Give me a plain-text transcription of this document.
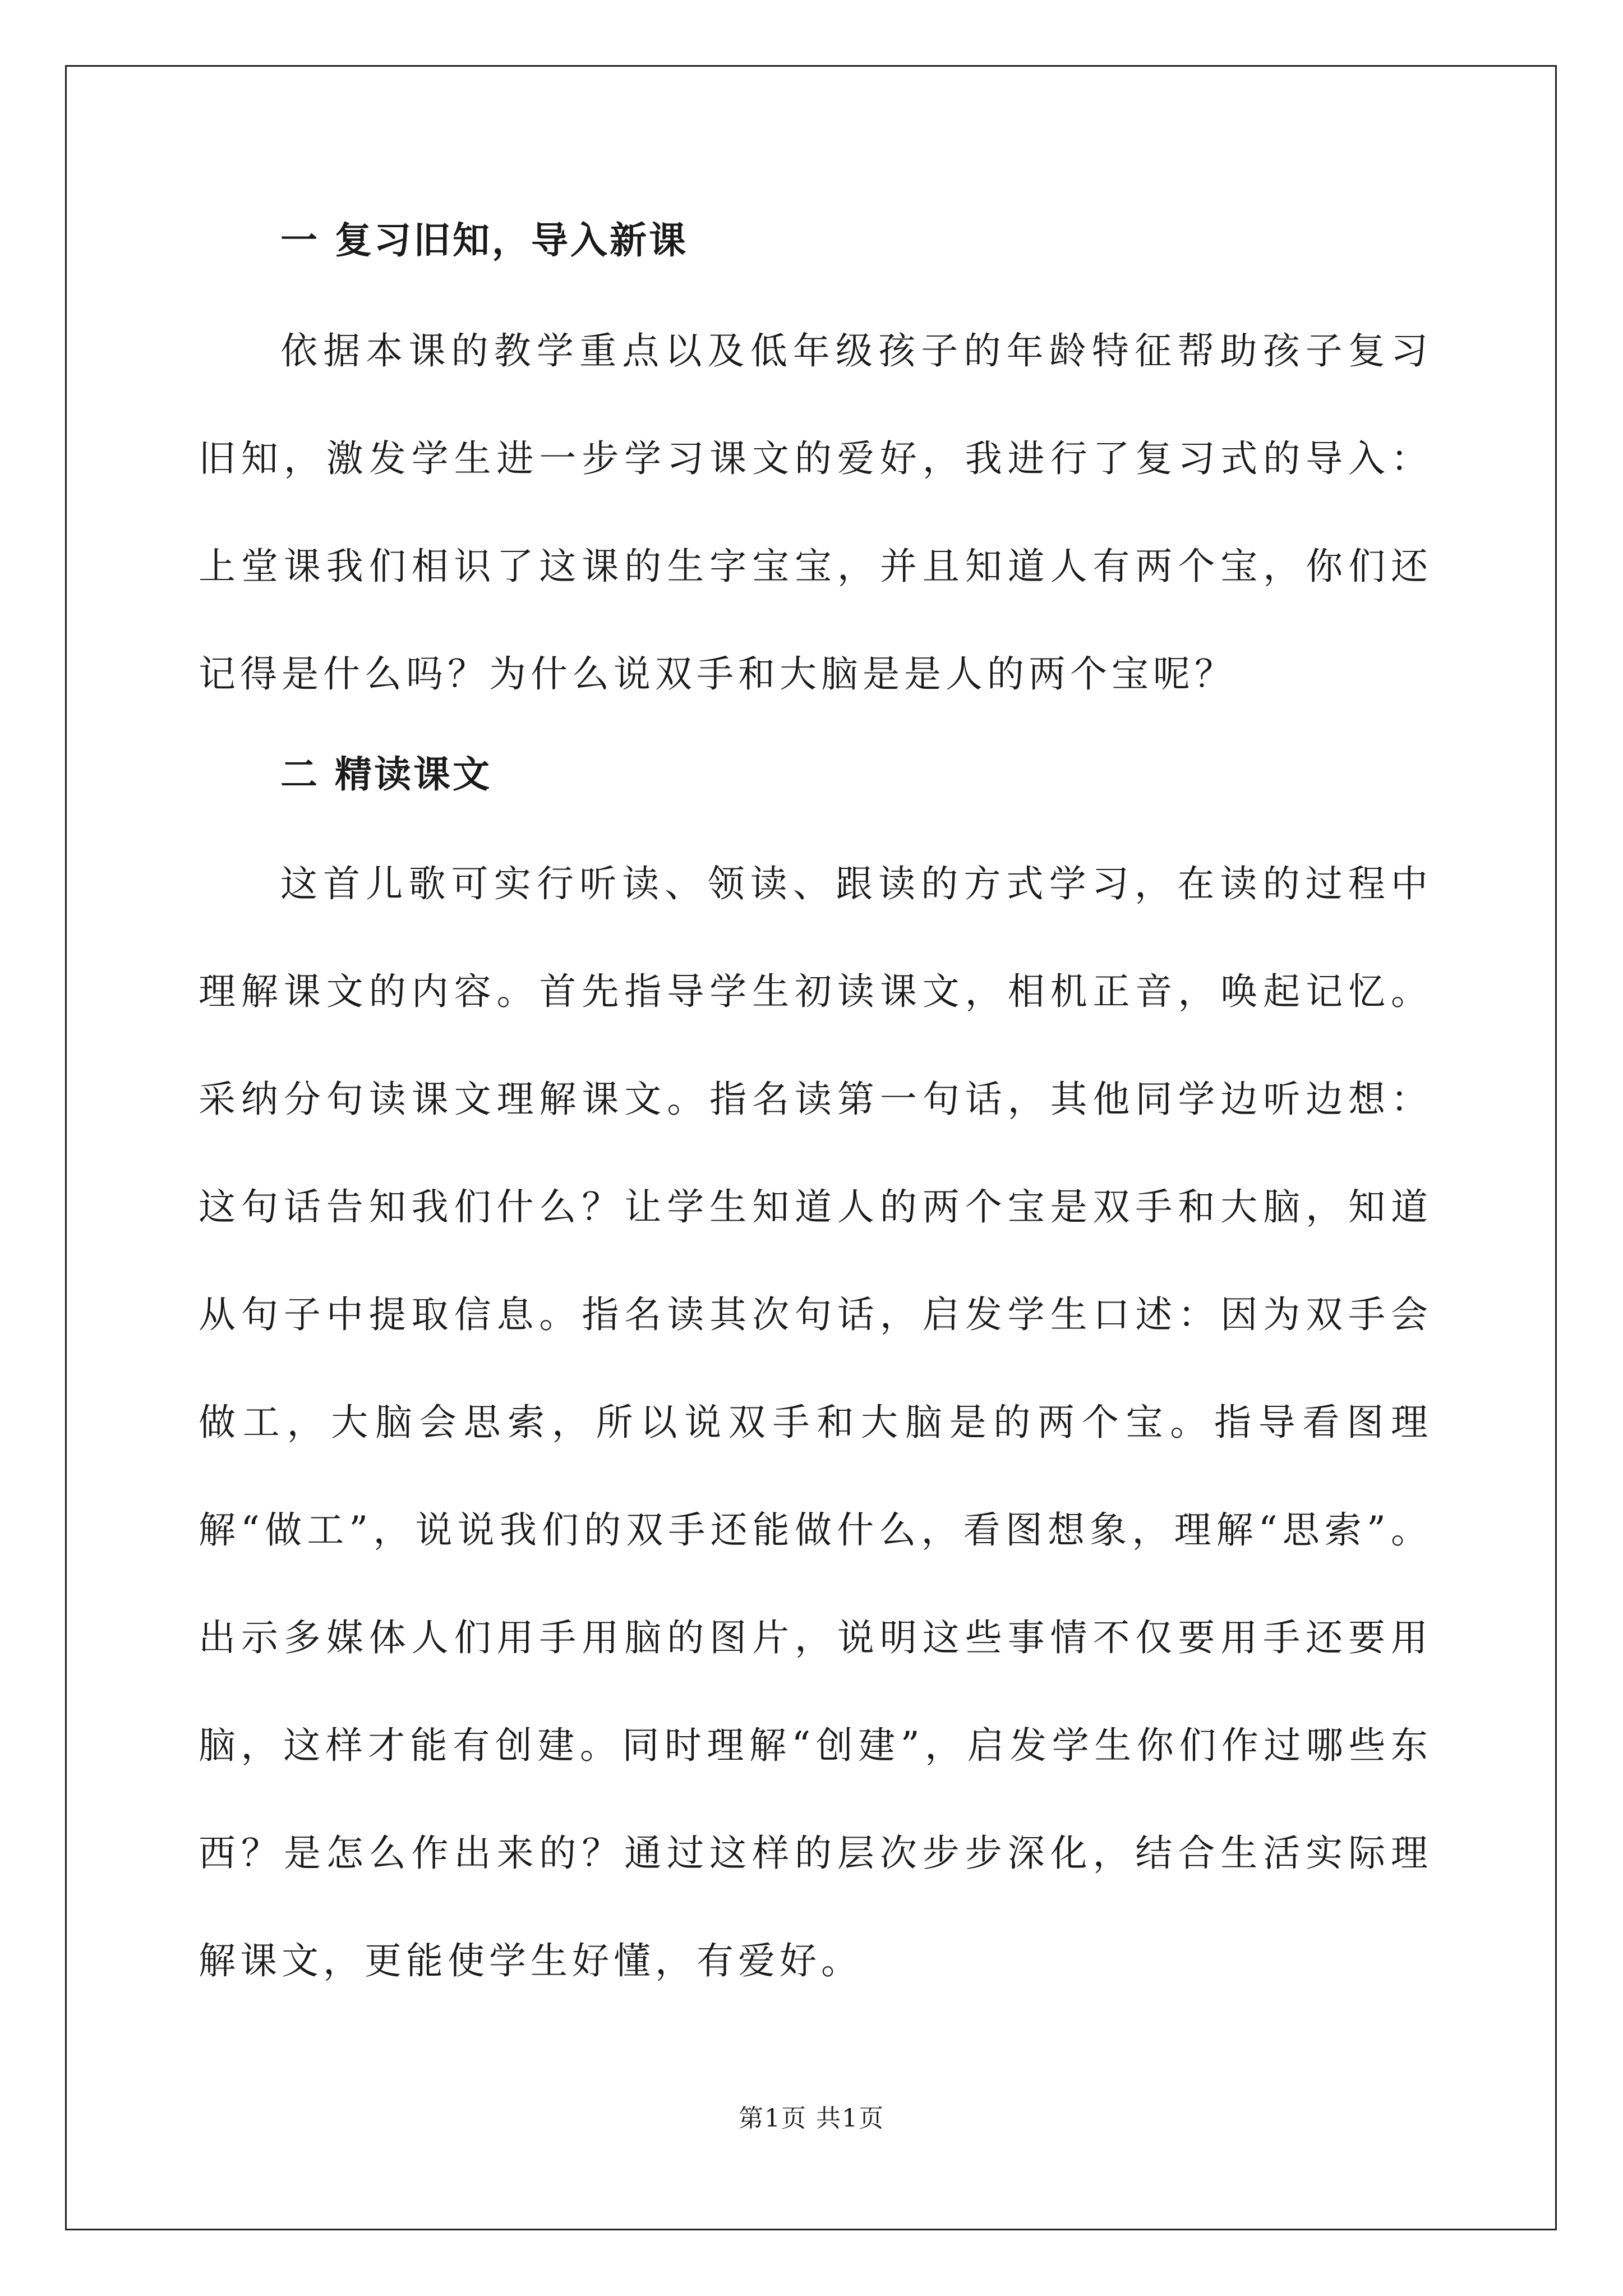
一 复习旧知，导入新课

依据本课的教学重点以及低年级孩子的年龄特征帮助孩子复习旧知，激发学生进一步学习课文的爱好，我进行了复习式的导入：上堂课我们相识了这课的生字宝宝，并且知道人有两个宝，你们还记得是什么吗？为什么说双手和大脑是是人的两个宝呢？

二 精读课文

这首儿歌可实行听读、领读、跟读的方式学习，在读的过程中理解课文的内容。首先指导学生初读课文，相机正音，唤起记忆。采纳分句读课文理解课文。指名读第一句话，其他同学边听边想：这句话告知我们什么？让学生知道人的两个宝是双手和大脑，知道从句子中提取信息。指名读其次句话，启发学生口述：因为双手会做工，大脑会思索，所以说双手和大脑是的两个宝。指导看图理解“做工”，说说我们的双手还能做什么，看图想象，理解“思索”。出示多媒体人们用手用脑的图片，说明这些事情不仅要用手还要用脑，这样才能有创建。同时理解“创建”，启发学生你们作过哪些东西？是怎么作出来的？通过这样的层次步步深化，结合生活实际理解课文，更能使学生好懂，有爱好。

第1页 共1页
